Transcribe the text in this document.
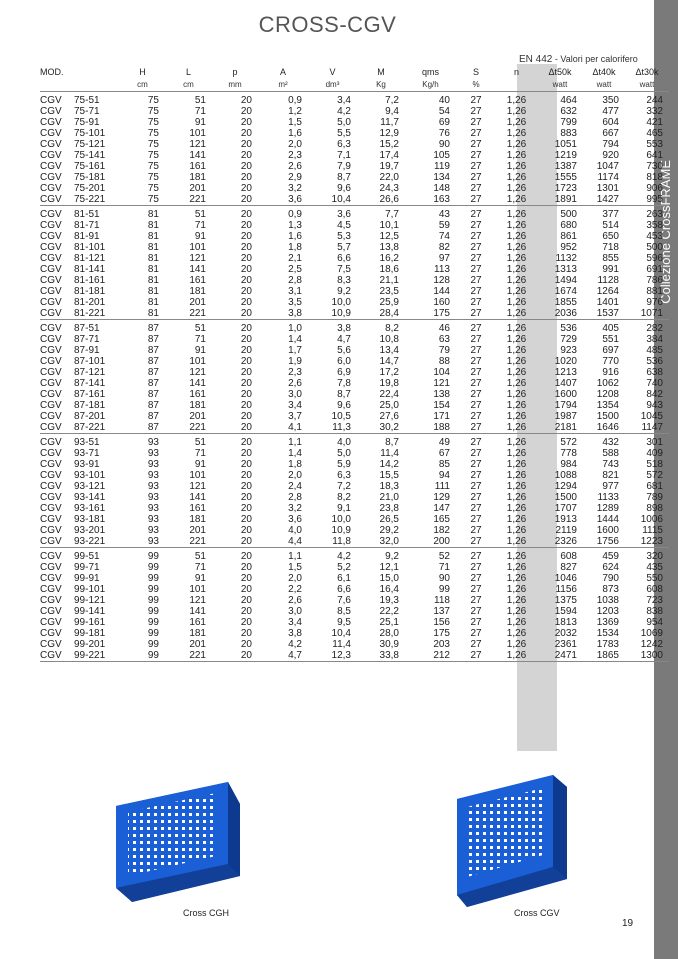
CROSS-CGV
Collezione CrossFRAME
EN 442 - Valori per calorifero
MOD.	H	L	p	A	V	M	qms	S	n	Δt50k	Δt40k	Δt30k
	cm	cm	mm	m²	dm³	Kg	Kg/h	%		watt	watt	watt

CGV 75-51	75	51	20	0,9	3,4	7,2	40	27	1,26	464	350	244

CGV 75-71	75	71	20	1,2	4,2	9,4	54	27	1,26	632	477	332

CGV 75-91	75	91	20	1,5	5,0	11,7	69	27	1,26	799	604	421

CGV 75-101	75	101	20	1,6	5,5	12,9	76	27	1,26	883	667	465

CGV 75-121	75	121	20	2,0	6,3	15,2	90	27	1,26	1051	794	553

CGV 75-141	75	141	20	2,3	7,1	17,4	105	27	1,26	1219	920	641

CGV 75-161	75	161	20	2,6	7,9	19,7	119	27	1,26	1387	1047	730

CGV 75-181	75	181	20	2,9	8,7	22,0	134	27	1,26	1555	1174	818

CGV 75-201	75	201	20	3,2	9,6	24,3	148	27	1,26	1723	1301	906

CGV 75-221	75	221	20	3,6	10,4	26,6	163	27	1,26	1891	1427	995

CGV 81-51	81	51	20	0,9	3,6	7,7	43	27	1,26	500	377	263

CGV 81-71	81	71	20	1,3	4,5	10,1	59	27	1,26	680	514	358

CGV 81-91	81	91	20	1,6	5,3	12,5	74	27	1,26	861	650	453

CGV 81-101	81	101	20	1,8	5,7	13,8	82	27	1,26	952	718	500

CGV 81-121	81	121	20	2,1	6,6	16,2	97	27	1,26	1132	855	596

CGV 81-141	81	141	20	2,5	7,5	18,6	113	27	1,26	1313	991	691

CGV 81-161	81	161	20	2,8	8,3	21,1	128	27	1,26	1494	1128	786

CGV 81-181	81	181	20	3,1	9,2	23,5	144	27	1,26	1674	1264	881

CGV 81-201	81	201	20	3,5	10,0	25,9	160	27	1,26	1855	1401	976

CGV 81-221	81	221	20	3,8	10,9	28,4	175	27	1,26	2036	1537	1071

CGV 87-51	87	51	20	1,0	3,8	8,2	46	27	1,26	536	405	282

CGV 87-71	87	71	20	1,4	4,7	10,8	63	27	1,26	729	551	384

CGV 87-91	87	91	20	1,7	5,6	13,4	79	27	1,26	923	697	485

CGV 87-101	87	101	20	1,9	6,0	14,7	88	27	1,26	1020	770	536

CGV 87-121	87	121	20	2,3	6,9	17,2	104	27	1,26	1213	916	638

CGV 87-141	87	141	20	2,6	7,8	19,8	121	27	1,26	1407	1062	740

CGV 87-161	87	161	20	3,0	8,7	22,4	138	27	1,26	1600	1208	842

CGV 87-181	87	181	20	3,4	9,6	25,0	154	27	1,26	1794	1354	943

CGV 87-201	87	201	20	3,7	10,5	27,6	171	27	1,26	1987	1500	1045

CGV 87-221	87	221	20	4,1	11,3	30,2	188	27	1,26	2181	1646	1147

CGV 93-51	93	51	20	1,1	4,0	8,7	49	27	1,26	572	432	301

CGV 93-71	93	71	20	1,4	5,0	11,4	67	27	1,26	778	588	409

CGV 93-91	93	91	20	1,8	5,9	14,2	85	27	1,26	984	743	518

CGV 93-101	93	101	20	2,0	6,3	15,5	94	27	1,26	1088	821	572

CGV 93-121	93	121	20	2,4	7,2	18,3	111	27	1,26	1294	977	681

CGV 93-141	93	141	20	2,8	8,2	21,0	129	27	1,26	1500	1133	789

CGV 93-161	93	161	20	3,2	9,1	23,8	147	27	1,26	1707	1289	898

CGV 93-181	93	181	20	3,6	10,0	26,5	165	27	1,26	1913	1444	1006

CGV 93-201	93	201	20	4,0	10,9	29,2	182	27	1,26	2119	1600	1115

CGV 93-221	93	221	20	4,4	11,8	32,0	200	27	1,26	2326	1756	1223

CGV 99-51	99	51	20	1,1	4,2	9,2	52	27	1,26	608	459	320

CGV 99-71	99	71	20	1,5	5,2	12,1	71	27	1,26	827	624	435

CGV 99-91	99	91	20	2,0	6,1	15,0	90	27	1,26	1046	790	550

CGV 99-101	99	101	20	2,2	6,6	16,4	99	27	1,26	1156	873	608

CGV 99-121	99	121	20	2,6	7,6	19,3	118	27	1,26	1375	1038	723

CGV 99-141	99	141	20	3,0	8,5	22,2	137	27	1,26	1594	1203	838

CGV 99-161	99	161	20	3,4	9,5	25,1	156	27	1,26	1813	1369	954

CGV 99-181	99	181	20	3,8	10,4	28,0	175	27	1,26	2032	1534	1069

CGV 99-201	99	201	20	4,2	11,4	30,9	203	27	1,26	2361	1783	1242

CGV 99-221	99	221	20	4,7	12,3	33,8	212	27	1,26	2471	1865	1300
Cross CGH	Cross CGV
19
